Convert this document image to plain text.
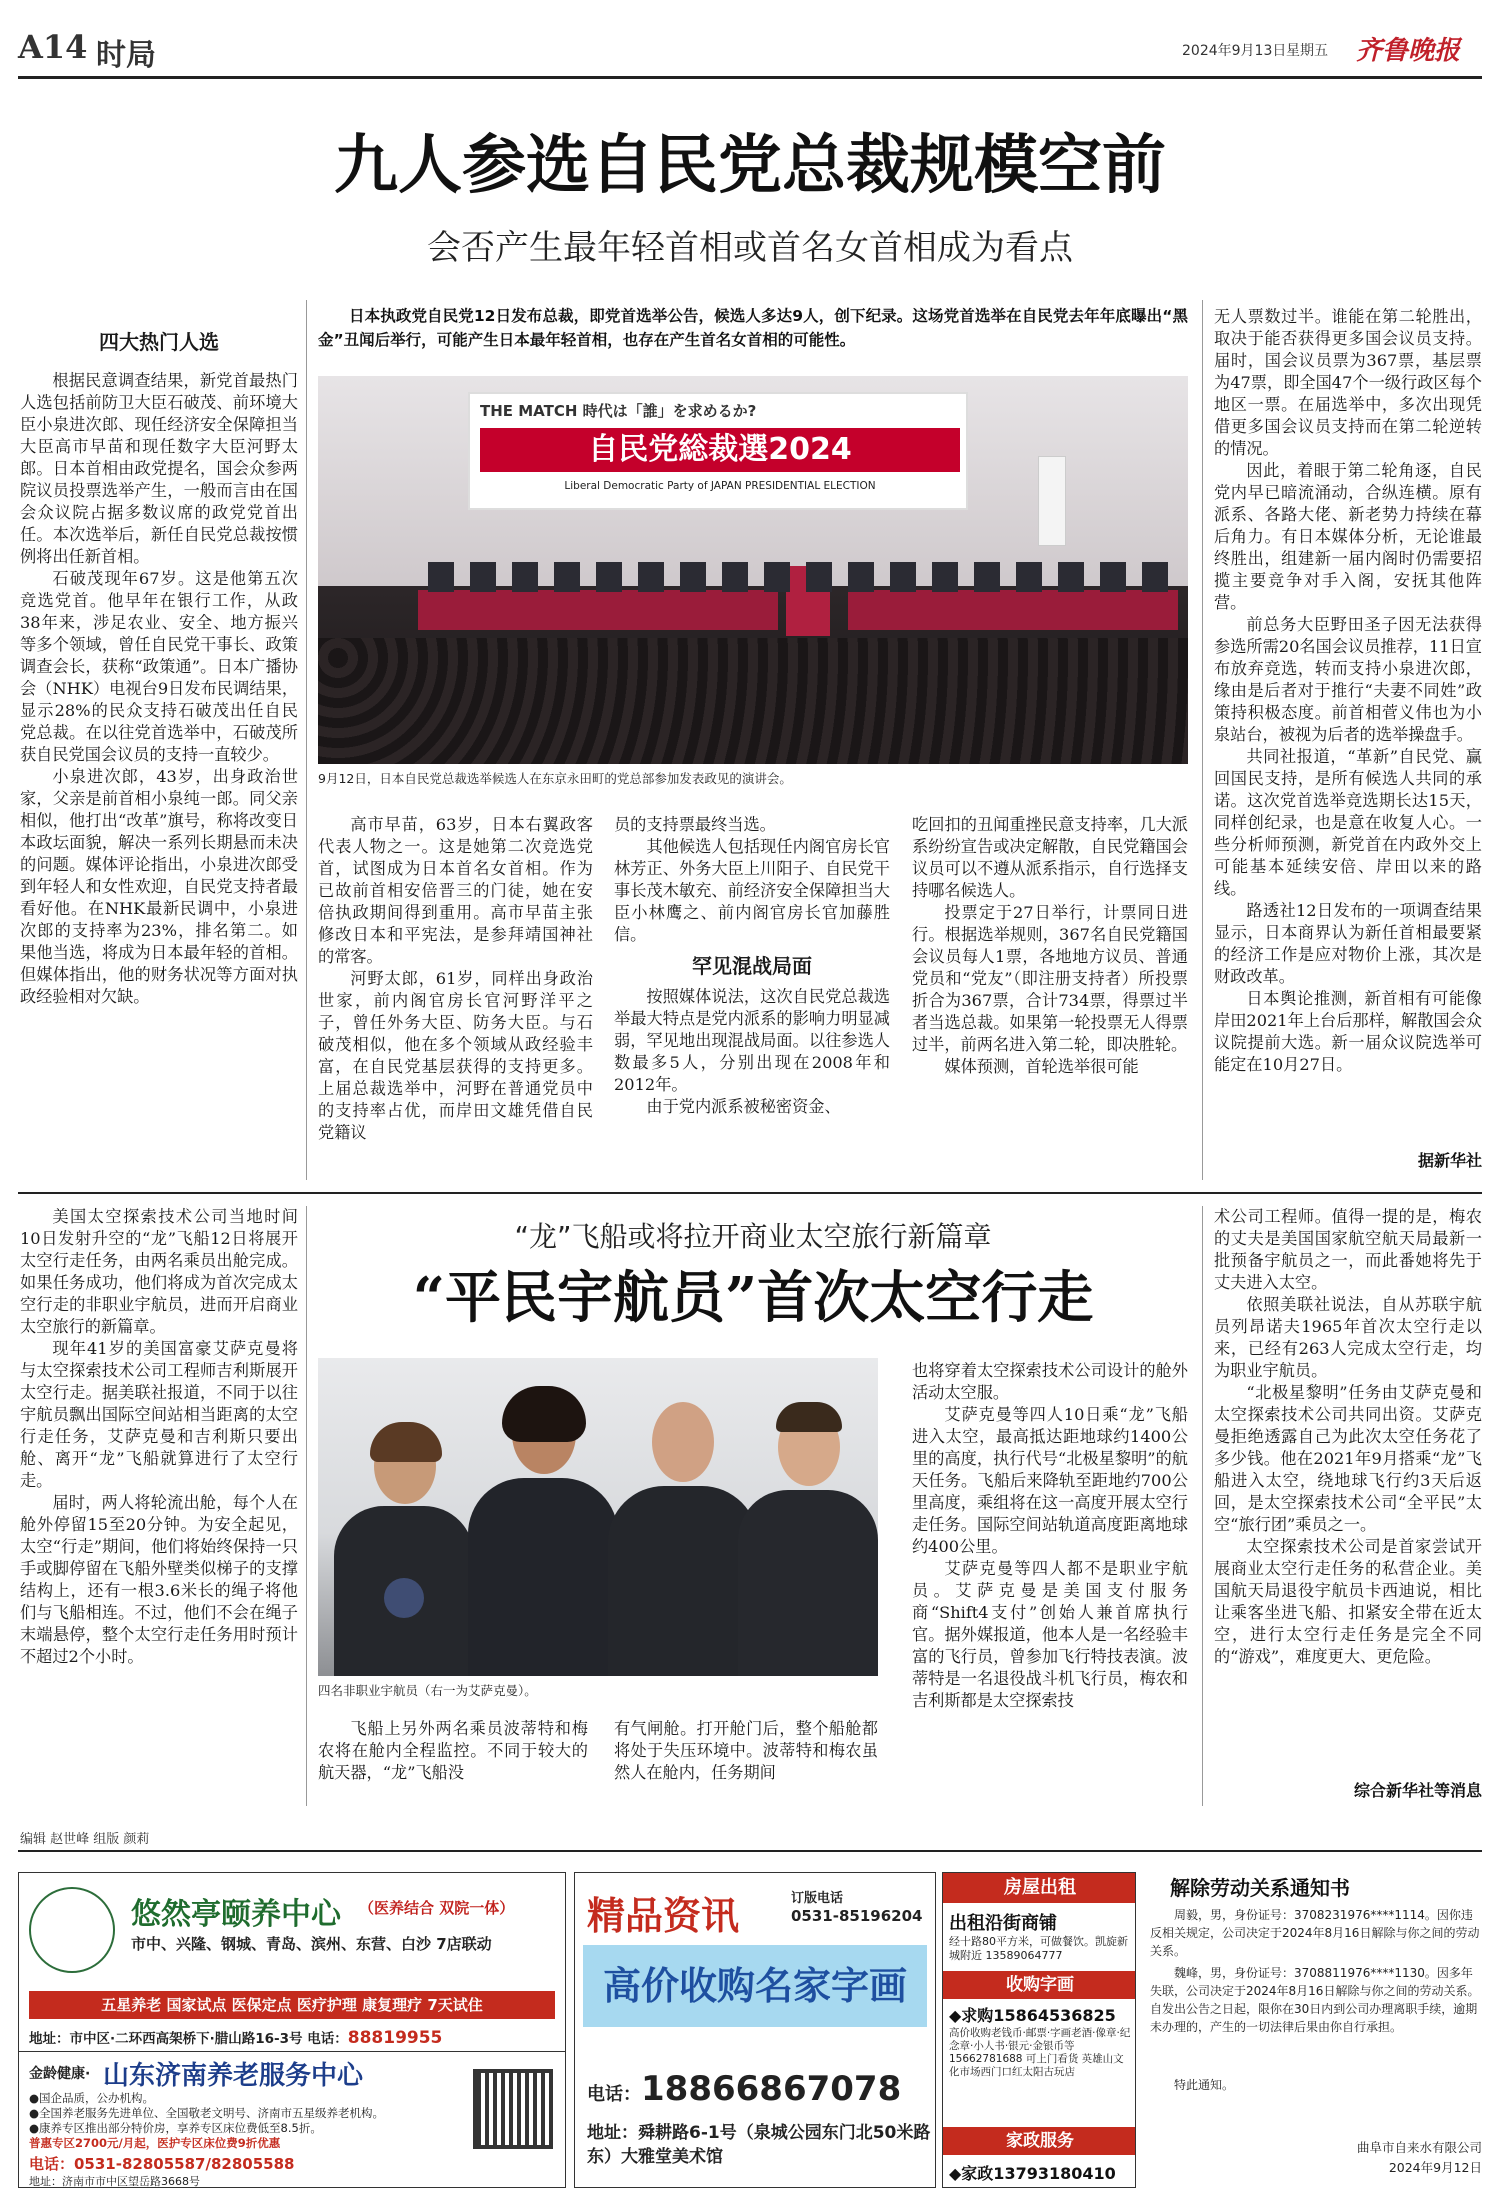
A14 时局	2024年9月13日 星期五 齐鲁晚报
九人参选自民党总裁规模空前
会否产生最年轻首相或首名女首相成为看点
日本执政党自民党12日发布总裁，即党首选举公告，候选人多达9人，创下纪录。这场党首选举在自民党去年年底曝出“黑金”丑闻后举行，可能产生日本最年轻首相，也存在产生首名女首相的可能性。
四大热门人选

根据民意调查结果，新党首最热门人选包括前防卫大臣石破茂、前环境大臣小泉进次郎、现任经济安全保障担当大臣高市早苗和现任数字大臣河野太郎。日本首相由政党提名，国会众参两院议员投票选举产生，一般而言由在国会众议院占据多数议席的政党党首出任。本次选举后，新任自民党总裁按惯例将出任新首相。

石破茂现年67岁。这是他第五次竞选党首。他早年在银行工作，从政38年来，涉足农业、安全、地方振兴等多个领域，曾任自民党干事长、政策调查会长，获称“政策通”。日本广播协会（NHK）电视台9日发布民调结果，显示28%的民众支持石破茂出任自民党总裁。在以往党首选举中，石破茂所获自民党国会议员的支持一直较少。

小泉进次郎，43岁，出身政治世家，父亲是前首相小泉纯一郎。同父亲相似，他打出“改革”旗号，称将改变日本政坛面貌，解决一系列长期悬而未决的问题。媒体评论指出，小泉进次郎受到年轻人和女性欢迎，自民党支持者最看好他。在NHK最新民调中，小泉进次郎的支持率为23%，排名第二。如果他当选，将成为日本最年轻的首相。但媒体指出，他的财务状况等方面对执政经验相对欠缺。

THE MATCH 時代は「誰」を求めるか?
自民党総裁選2024
Liberal Democratic Party of JAPAN PRESIDENTIAL ELECTION
9月12日，日本自民党总裁选举候选人在东京永田町的党总部参加发表政见的演讲会。

高市早苗，63岁，日本右翼政客代表人物之一。这是她第二次竞选党首，试图成为日本首名女首相。作为已故前首相安倍晋三的门徒，她在安倍执政期间得到重用。高市早苗主张修改日本和平宪法，是参拜靖国神社的常客。

河野太郎，61岁，同样出身政治世家，前内阁官房长官河野洋平之子，曾任外务大臣、防务大臣。与石破茂相似，他在多个领域从政经验丰富，在自民党基层获得的支持更多。上届总裁选举中，河野在普通党员中的支持率占优，而岸田文雄凭借自民党籍议

员的支持票最终当选。

其他候选人包括现任内阁官房长官林芳正、外务大臣上川阳子、自民党干事长茂木敏充、前经济安全保障担当大臣小林鹰之、前内阁官房长官加藤胜信。

罕见混战局面

按照媒体说法，这次自民党总裁选举最大特点是党内派系的影响力明显减弱，罕见地出现混战局面。以往参选人数最多5人，分别出现在2008年和2012年。

由于党内派系被秘密资金、

吃回扣的丑闻重挫民意支持率，几大派系纷纷宣告或决定解散，自民党籍国会议员可以不遵从派系指示，自行选择支持哪名候选人。

投票定于27日举行，计票同日进行。根据选举规则，367名自民党籍国会议员每人1票，各地地方议员、普通党员和“党友”（即注册支持者）所投票折合为367票，合计734票，得票过半者当选总裁。如果第一轮投票无人得票过半，前两名进入第二轮，即决胜轮。

媒体预测，首轮选举很可能

无人票数过半。谁能在第二轮胜出，取决于能否获得更多国会议员支持。届时，国会议员票为367票，基层票为47票，即全国47个一级行政区每个地区一票。在届选举中，多次出现凭借更多国会议员支持而在第二轮逆转的情况。

因此，着眼于第二轮角逐，自民党内早已暗流涌动，合纵连横。原有派系、各路大佬、新老势力持续在幕后角力。有日本媒体分析，无论谁最终胜出，组建新一届内阁时仍需要招揽主要竞争对手入阁，安抚其他阵营。

前总务大臣野田圣子因无法获得参选所需20名国会议员推荐，11日宣布放弃竞选，转而支持小泉进次郎，缘由是后者对于推行“夫妻不同姓”政策持积极态度。前首相菅义伟也为小泉站台，被视为后者的选举操盘手。

共同社报道，“革新”自民党、赢回国民支持，是所有候选人共同的承诺。这次党首选举竞选期长达15天，同样创纪录，也是意在收复人心。一些分析师预测，新党首在内政外交上可能基本延续安倍、岸田以来的路线。

路透社12日发布的一项调查结果显示，日本商界认为新任首相最要紧的经济工作是应对物价上涨，其次是财政改革。

日本舆论推测，新首相有可能像岸田2021年上台后那样，解散国会众议院提前大选。新一届众议院选举可能定在10月27日。

据新华社

美国太空探索技术公司当地时间10日发射升空的“龙”飞船12日将展开太空行走任务，由两名乘员出舱完成。如果任务成功，他们将成为首次完成太空行走的非职业宇航员，进而开启商业太空旅行的新篇章。

现年41岁的美国富豪艾萨克曼将与太空探索技术公司工程师吉利斯展开太空行走。据美联社报道，不同于以往宇航员飘出国际空间站相当距离的太空行走任务，艾萨克曼和吉利斯只要出舱、离开“龙”飞船就算进行了太空行走。

届时，两人将轮流出舱，每个人在舱外停留15至20分钟。为安全起见，太空“行走”期间，他们将始终保持一只手或脚停留在飞船外壁类似梯子的支撑结构上，还有一根3.6米长的绳子将他们与飞船相连。不过，他们不会在绳子末端悬停，整个太空行走任务用时预计不超过2个小时。

“龙”飞船或将拉开商业太空旅行新篇章
“平民宇航员”首次太空行走
四名非职业宇航员（右一为艾萨克曼）。

飞船上另外两名乘员波蒂特和梅农将在舱内全程监控。不同于较大的航天器，“龙”飞船没

有气闸舱。打开舱门后，整个船舱都将处于失压环境中。波蒂特和梅农虽然人在舱内，任务期间

也将穿着太空探索技术公司设计的舱外活动太空服。

艾萨克曼等四人10日乘“龙”飞船进入太空，最高抵达距地球约1400公里的高度，执行代号“北极星黎明”的航天任务。飞船后来降轨至距地约700公里高度，乘组将在这一高度开展太空行走任务。国际空间站轨道高度距离地球约400公里。

艾萨克曼等四人都不是职业宇航员。艾萨克曼是美国支付服务商“Shift4支付”创始人兼首席执行官。据外媒报道，他本人是一名经验丰富的飞行员，曾参加飞行特技表演。波蒂特是一名退役战斗机飞行员，梅农和吉利斯都是太空探索技

术公司工程师。值得一提的是，梅农的丈夫是美国国家航空航天局最新一批预备宇航员之一，而此番她将先于丈夫进入太空。

依照美联社说法，自从苏联宇航员列昂诺夫1965年首次太空行走以来，已经有263人完成太空行走，均为职业宇航员。

“北极星黎明”任务由艾萨克曼和太空探索技术公司共同出资。艾萨克曼拒绝透露自己为此次太空任务花了多少钱。他在2021年9月搭乘“龙”飞船进入太空，绕地球飞行约3天后返回，是太空探索技术公司“全平民”太空“旅行团”乘员之一。

太空探索技术公司是首家尝试开展商业太空行走任务的私营企业。美国航天局退役宇航员卡西迪说，相比让乘客坐进飞船、扣紧安全带在近太空，进行太空行走任务是完全不同的“游戏”，难度更大、更危险。

综合新华社等消息
编辑 赵世峰 组版 颜莉
悠然亭颐养中心 （医养结合 双院一体）
市中、兴隆、钢城、青岛、滨州、东营、白沙 7店联动
五星养老 国家试点 医保定点 医疗护理 康复理疗 7天试住
地址：市中区·二环西高架桥下·腊山路16-3号 电话：88819955
金龄健康· 山东济南养老服务中心
●国企品质，公办机构。
●全国养老服务先进单位、全国敬老文明号、济南市五星级养老机构。
●康养专区推出部分特价房，享养专区床位费低至8.5折。
普惠专区2700元/月起，医护专区床位费9折优惠
电话：0531-82805587/82805588
地址：济南市市中区望岳路3668号
精品资讯	订版电话
0531-85196204
高价收购名家字画
电话：18866867078
地址：舜耕路6-1号（泉城公园东门北50米路东）大雅堂美术馆
房屋出租
出租沿街商铺
经十路80平方米，可做餐饮。凯旋新城附近 13589064777
收购字画
◆求购15864536825
高价收购老钱币·邮票·字画老酒·像章·纪念章·小人书·银元·金银币等15662781688 可上门看货 英雄山文化市场西门口红太阳古玩店
家政服务
◆家政13793180410
解除劳动关系通知书
周毅，男，身份证号：370823197​6****1114。因你违反相关规定，公司决定于2024年8月16日解除与你之间的劳动关系。
魏峰，男，身份证号：3708811976****1130。因多年失联，公司决定于2024年8月16日解除与你之间的劳动关系。自发出公告之日起，限你在30日内到公司办理离职手续，逾期未办理的，产生的一切法律后果由你自行承担。
特此通知。
曲阜市自来水有限公司
2024年9月12日
